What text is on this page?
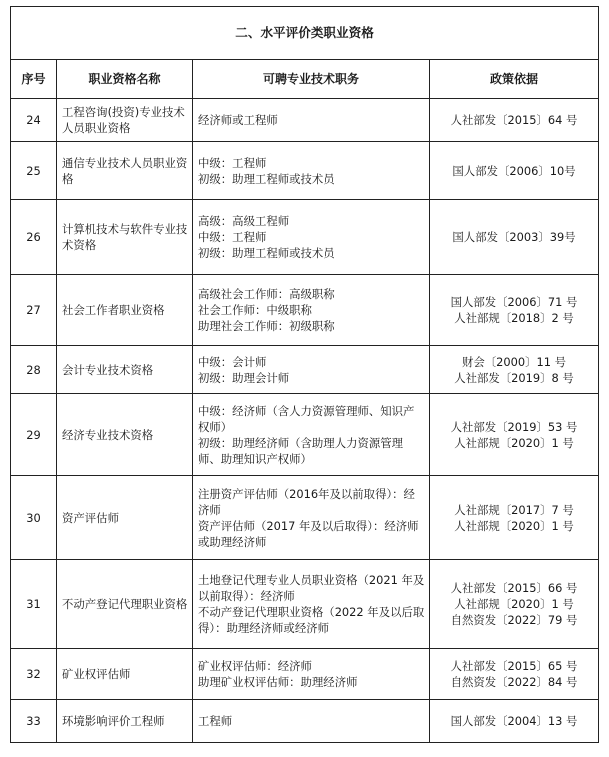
二、水平评价类职业资格			
序号	职业资格名称	可聘专业技术职务	政策依据
24	工程咨询(投资)专业技术人员职业资格	经济师或工程师	人社部发〔2015〕64 号

25	通信专业技术人员职业资格	中级：工程师
初级：助理工程师或技术员	国人部发〔2006〕10号

26	计算机技术与软件专业技术资格	高级：高级工程师
中级：工程师
初级：助理工程师或技术员	国人部发〔2003〕39号

27	社会工作者职业资格	高级社会工作师：高级职称
社会工作师：中级职称
助理社会工作师：初级职称	国人部发〔2006〕71 号
人社部规〔2018〕2 号

28	会计专业技术资格	中级：会计师
初级：助理会计师	财会〔2000〕11 号
人社部发〔2019〕8 号

29	经济专业技术资格	中级：经济师（含人力资源管理师、知识产权师）
初级：助理经济师（含助理人力资源管理师、助理知识产权师）	人社部发〔2019〕53 号
人社部规〔2020〕1 号

30	资产评估师	注册资产评估师（2016年及以前取得）：经济师
资产评估师（2017 年及以后取得）：经济师或助理经济师	人社部规〔2017〕7 号
人社部规〔2020〕1 号

31	不动产登记代理职业资格	土地登记代理专业人员职业资格（2021 年及以前取得）：经济师
不动产登记代理职业资格（2022 年及以后取得）：助理经济师或经济师	人社部发〔2015〕66 号
人社部规〔2020〕1 号
自然资发〔2022〕79 号

32	矿业权评估师	矿业权评估师：经济师
助理矿业权评估师：助理经济师	人社部发〔2015〕65 号
自然资发〔2022〕84 号

33	环境影响评价工程师	工程师	国人部发〔2004〕13 号
